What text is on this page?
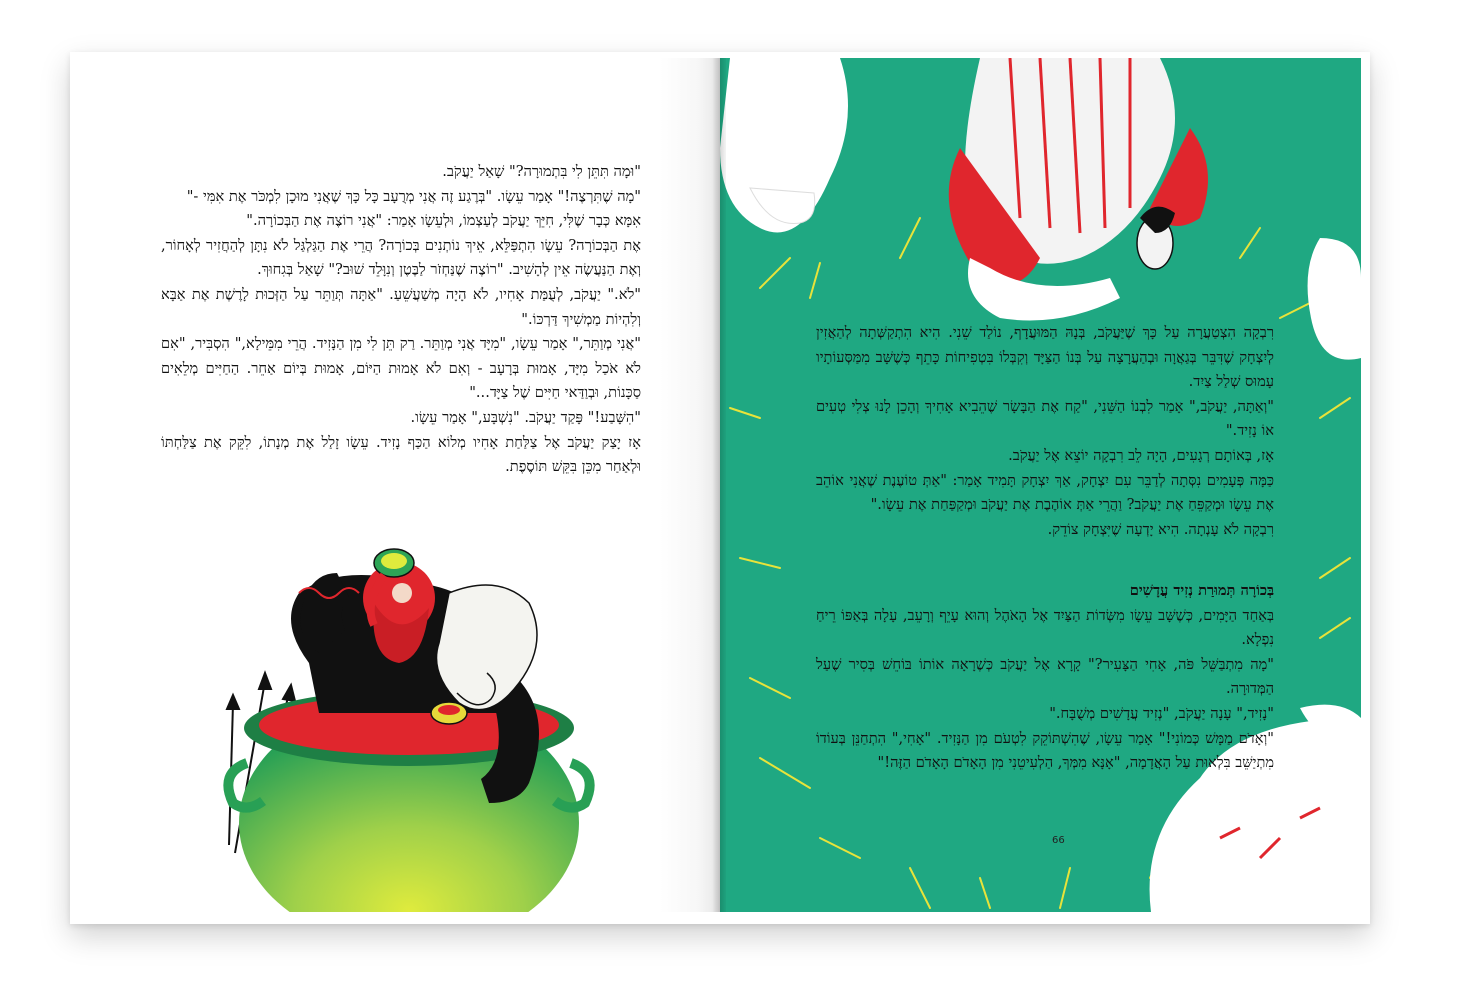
"וּמָה תִּתֵּן לִי בִּתְמוּרָה?" שָׁאַל יַעֲקֹב.

"מָה שֶׁתִּרְצֶה!" אָמַר עֵשָׂו. "בְּרֶגַע זֶה אֲנִי מְרֻעָב כָּל כָּךְ שֶׁאֲנִי מוּכָן לִמְכֹּר אֶת אִמִּי -"

אִמָּא כְּבָר שֶׁלִּי, חִיֵּךְ יַעֲקֹב לְעַצְמוֹ, וּלְעֵשָׂו אָמַר: "אֲנִי רוֹצֶה אֶת הַבְּכוֹרָה."

אֶת הַבְּכוֹרָה? עֵשָׂו הִתְפַּלֵּא, אֵיךְ נוֹתְנִים בְּכוֹרָה? הֲרֵי אֶת הַגַּלְגַּל לֹא נִתָּן לְהַחֲזִיר לְאָחוֹר, וְאֶת הַנַּעֲשֶׂה אֵין לְהָשִׁיב. "רוֹצֶה שֶׁנַּחְזֹר לַבֶּטֶן וְנִוָּלֵד שׁוּב?" שָׁאַל בְּגִחוּךְ.

"לֹא." יַעֲקֹב, לְעֻמַּת אָחִיו, לֹא הָיָה מְשַׁעֲשֵׁעַ. "אַתָּה תְּוַתֵּר עַל הַזְּכוּת לָרֶשֶׁת אֶת אַבָּא וְלִהְיוֹת מַמְשִׁיךְ דַּרְכּוֹ."

"אֲנִי מְוַתֵּר," אָמַר עֵשָׂו, "מִיָּד אֲנִי מְוַתֵּר. רַק תֵּן לִי מִן הַנָּזִיד. הֲרֵי מִמֵּילָא," הִסְבִּיר, "אִם לֹא אֹכַל מִיָּד, אָמוּת בְּרָעָב - וְאִם לֹא אָמוּת הַיּוֹם, אָמוּת בְּיוֹם אַחֵר. הַחַיִּים מְלֵאִים סַכָּנוֹת, וּבְוַדַּאי חַיִּים שֶׁל צַיָּד..."

"הִשָּׁבַע!" פָּקַד יַעֲקֹב. "נִשְׁבָּע," אָמַר עֵשָׂו.

אָז יָצַק יַעֲקֹב אֶל צַלַּחַת אָחִיו מְלוֹא הַכַּף נָזִיד. עֵשָׂו זָלַל אֶת מְנָתוֹ, לִקֵּק אֶת צַלַּחְתּוֹ וּלְאַחַר מִכֵּן בִּקֵּשׁ תּוֹסֶפֶת.

רִבְקָה הִצְטַעֲרָה עַל כָּךְ שֶׁיַּעֲקֹב, בְּנָהּ הַמּוּעֲדָף, נוֹלַד שֵׁנִי. הִיא הִתְקַשְּׁתָה לְהַאֲזִין לְיִצְחָק שֶׁדִּבֵּר בְּגַאֲוָה וּבְהַעֲרָצָה עַל בְּנוֹ הַצַּיָּד וְקִבְּלוֹ בִּטְפִיחוֹת כָּתֵף כְּשֶׁשָּׁב מִמַּסְּעוֹתָיו עָמוּס שְׁלַל צַיִד.

"וְאַתָּה, יַעֲקֹב," אָמַר לִבְנוֹ הַשֵּׁנִי, "קַח אֶת הַבָּשָׂר שֶׁהֵבִיא אָחִיךָ וְהָכֵן לָנוּ צְלִי טְעִים אוֹ נָזִיד."

אָז, בְּאוֹתָם רְגָעִים, הָיָה לֵב רִבְקָה יוֹצֵא אֶל יַעֲקֹב.

כַּמָּה פְּעָמִים נִסְּתָה לְדַבֵּר עִם יִצְחָק, אַךְ יִצְחָק תָּמִיד אָמַר: "אַתְּ טוֹעֶנֶת שֶׁאֲנִי אוֹהֵב אֶת עֵשָׂו וּמְקַפֵּחַ אֶת יַעֲקֹב? וַהֲרֵי אַתְּ אוֹהֶבֶת אֶת יַעֲקֹב וּמְקַפַּחַת אֶת עֵשָׂו."

רִבְקָה לֹא עָנְתָה. הִיא יָדְעָה שֶׁיִּצְחָק צוֹדֵק.

בְּכוֹרָה תְּמוּרַת נְזִיד עֲדָשִׁים

בְּאַחַד הַיָּמִים, כְּשֶׁשָּׁב עֵשָׂו מִשְּׂדוֹת הַצַּיִד אֶל הָאֹהֶל וְהוּא עָיֵף וְרָעֵב, עָלָה בְּאַפּוֹ רֵיחַ נִפְלָא.

"מָה מִתְבַּשֵּׁל פֹּה, אָחִי הַצָּעִיר?" קָרָא אֶל יַעֲקֹב כְּשֶׁרָאָה אוֹתוֹ בּוֹחֵשׁ בְּסִיר שֶׁעַל הַמְּדוּרָה.

"נָזִיד," עָנָה יַעֲקֹב, "נְזִיד עֲדָשִׁים מְשֻׁבָּח."

"וְאָדֹם מַמָּשׁ כְּמוֹנִי!" אָמַר עֵשָׂו, שֶׁהִשְׁתּוֹקֵק לִטְעֹם מִן הַנָּזִיד. "אָחִי," הִתְחַנֵּן בְּעוֹדוֹ מִתְיַשֵּׁב בִּלְאוּת עַל הָאֲדָמָה, "אָנָּא מִמְּךָ, הַלְעִיטֵנִי מִן הָאָדֹם הָאָדֹם הַזֶּה!"

66
